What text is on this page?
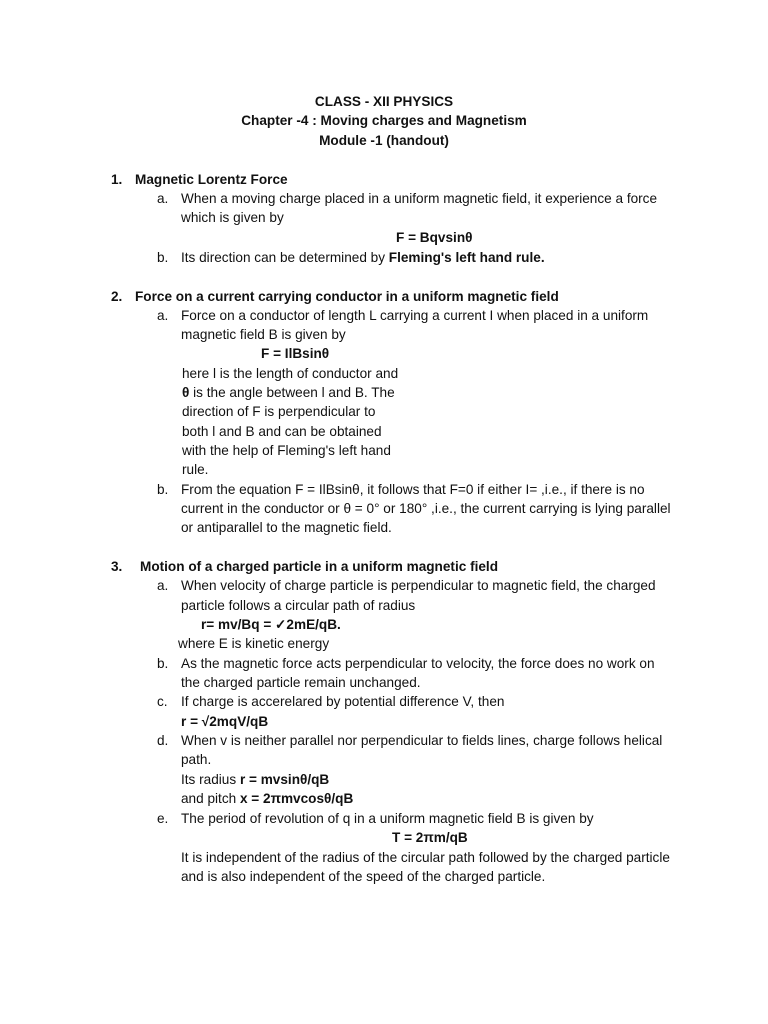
CLASS - XII PHYSICS
Chapter -4 : Moving charges and Magnetism
Module -1 (handout)
1. Magnetic Lorentz Force
a. When a moving charge placed in a uniform magnetic field, it experience a force
which is given by
F = Bqvsinθ
b. Its direction can be determined by Fleming's left hand rule.
2. Force on a current carrying conductor in a uniform magnetic field
a. Force on a conductor of length L carrying a current I when placed in a uniform
magnetic field B is given by
F = IlBsinθ
here l is the length of conductor and
θ is the angle between l and B. The
direction of F is perpendicular to
both l and B and can be obtained
with the help of Fleming's left hand
rule.
b. From the equation F = IlBsinθ, it follows that F=0 if either I= ,i.e., if there is no
current in the conductor or θ = 0° or 180° ,i.e., the current carrying is lying parallel
or antiparallel to the magnetic field.
3. Motion of a charged particle in a uniform magnetic field
a. When velocity of charge particle is perpendicular to magnetic field, the charged
particle follows a circular path of radius
r= mv/Bq = ✓2mE/qB.
where E is kinetic energy
b. As the magnetic force acts perpendicular to velocity, the force does no work on
the charged particle remain unchanged.
c. If charge is accerelared by potential difference V, then
r = √2mqV/qB
d. When v is neither parallel nor perpendicular to fields lines, charge follows helical
path.
Its radius r = mvsinθ/qB
and pitch x = 2πmvcosθ/qB
e. The period of revolution of q in a uniform magnetic field B is given by
T = 2πm/qB
It is independent of the radius of the circular path followed by the charged particle
and is also independent of the speed of the charged particle.
